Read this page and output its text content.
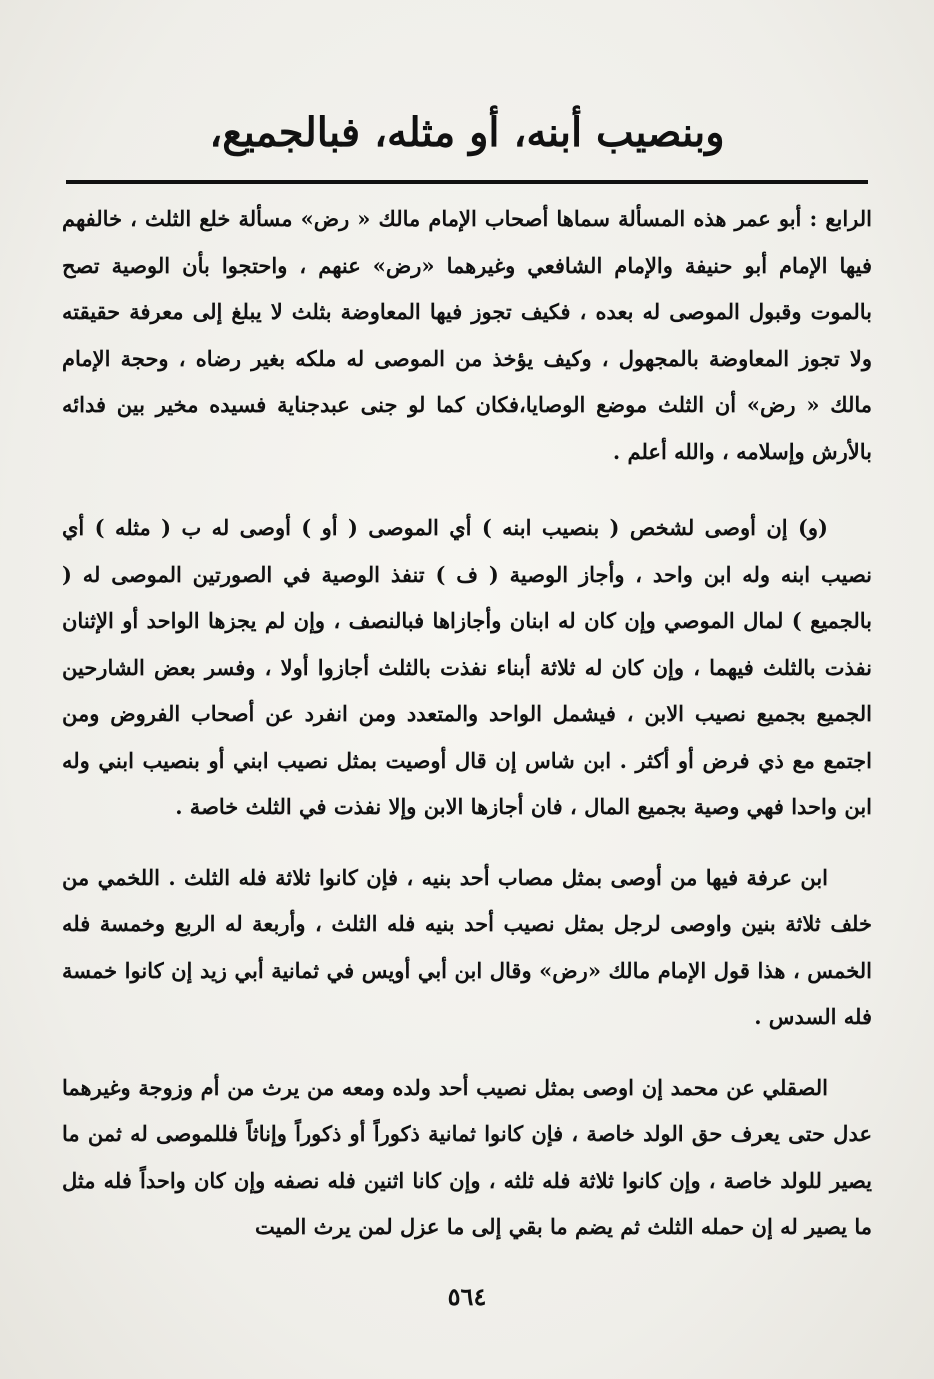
وبنصيب أبنه، أو مثله، فبالجميع،

الرابع : أبو عمر هذه المسألة سماها أصحاب الإمام مالك « رض» مسألة خلع الثلث ، خالفهم فيها الإمام أبو حنيفة والإمام الشافعي وغيرهما «رض» عنهم ، واحتجوا بأن الوصية تصح بالموت وقبول الموصى له بعده ، فكيف تجوز فيها المعاوضة بثلث لا يبلغ إلى معرفة حقيقته ولا تجوز المعاوضة بالمجهول ، وكيف يؤخذ من الموصى له ملكه بغير رضاه ، وحجة الإمام مالك « رض» أن الثلث موضع الوصايا،فكان كما لو جنى عبدجناية فسيده مخير بين فدائه بالأرش وإسلامه ، والله أعلم .

(و) إن أوصى لشخص ( بنصيب ابنه ) أي الموصى ( أو ) أوصى له ب ( مثله ) أي نصيب ابنه وله ابن واحد ، وأجاز الوصية ( ف ) تنفذ الوصية في الصورتين الموصى له ( بالجميع ) لمال الموصي وإن كان له ابنان وأجازاها فبالنصف ، وإن لم يجزها الواحد أو الإثنان نفذت بالثلث فيهما ، وإن كان له ثلاثة أبناء نفذت بالثلث أجازوا أولا ، وفسر بعض الشارحين الجميع بجميع نصيب الابن ، فيشمل الواحد والمتعدد ومن انفرد عن أصحاب الفروض ومن اجتمع مع ذي فرض أو أكثر . ابن شاس إن قال أوصيت بمثل نصيب ابني أو بنصيب ابني وله ابن واحدا فهي وصية بجميع المال ، فان أجازها الابن وإلا نفذت في الثلث خاصة .

ابن عرفة فيها من أوصى بمثل مصاب أحد بنيه ، فإن كانوا ثلاثة فله الثلث . اللخمي من خلف ثلاثة بنين واوصى لرجل بمثل نصيب أحد بنيه فله الثلث ، وأربعة له الربع وخمسة فله الخمس ، هذا قول الإمام مالك «رض» وقال ابن أبي أويس في ثمانية أبي زيد إن كانوا خمسة فله السدس .

الصقلي عن محمد إن اوصى بمثل نصيب أحد ولده ومعه من يرث من أم وزوجة وغيرهما عدل حتى يعرف حق الولد خاصة ، فإن كانوا ثمانية ذكوراً أو ذكوراً وإناثاً فللموصى له ثمن ما يصير للولد خاصة ، وإن كانوا ثلاثة فله ثلثه ، وإن كانا اثنين فله نصفه وإن كان واحداً فله مثل ما يصير له إن حمله الثلث ثم يضم ما بقي إلى ما عزل لمن يرث الميت

٥٦٤
